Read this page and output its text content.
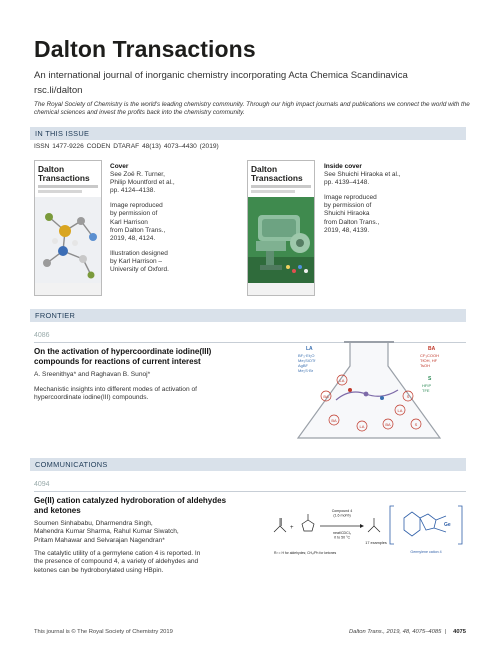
Dalton Transactions
An international journal of inorganic chemistry incorporating Acta Chemica Scandinavica
rsc.li/dalton
The Royal Society of Chemistry is the world's leading chemistry community. Through our high impact journals and publications we connect the world with the chemical sciences and invest the profits back into the chemistry community.
IN THIS ISSUE
ISSN 1477-9226 CODEN DTARAF 48(13) 4073–4430 (2019)
Dalton Transactions
Cover

See Zoë R. Turner,
Philip Mountford et al.,
pp. 4124–4138.

Image reproduced
by permission of
Karl Harrison
from Dalton Trans.,
2019, 48, 4124.

Illustration designed
by Karl Harrison –
University of Oxford.

Dalton Transactions
Inside cover

See Shuichi Hiraoka et al.,
pp. 4139–4148.

Image reproduced
by permission of
Shuichi Hiraoka
from Dalton Trans.,
2019, 48, 4139.

FRONTIER
4086
On the activation of hypercoordinate iodine(III)
compounds for reactions of current interest
A. Sreenithya* and Raghavan B. Sunoj*
Mechanistic insights into different modes of activation of
hypercoordinate iodine(III) compounds.	BA
LA
LA
S
BA
BA
LA	S
LA
BF₃·Et₂O
Me₃SiOTf
AgBF
Me₂S·Br
BA
CF₃COOH
TfOH, HF
TsOH
S
HFIP
TFE
COMMUNICATIONS
4094
Ge(II) cation catalyzed hydroboration of aldehydes
and ketones
Soumen Sinhababu, Dharmendra Singh,
Mahendra Kumar Sharma, Rahul Kumar Siwatch,
Pritam Mahawar and Selvarajan Nagendran*
The catalytic utility of a germylene cation 4 is reported. In
the presence of compound 4, a variety of aldehydes and
ketones can be hydroborylated using HBpin.
+
Compound 4
(1.6 mol%)
neat/CDCl₃
rt to 50 °C
17 examples
R² = H for aldehydes; CH₃/Ph for ketones
Ge
Germylene cation 4
This journal is © The Royal Society of Chemistry 2019	Dalton Trans., 2019, 48, 4075–4085 | 4075
